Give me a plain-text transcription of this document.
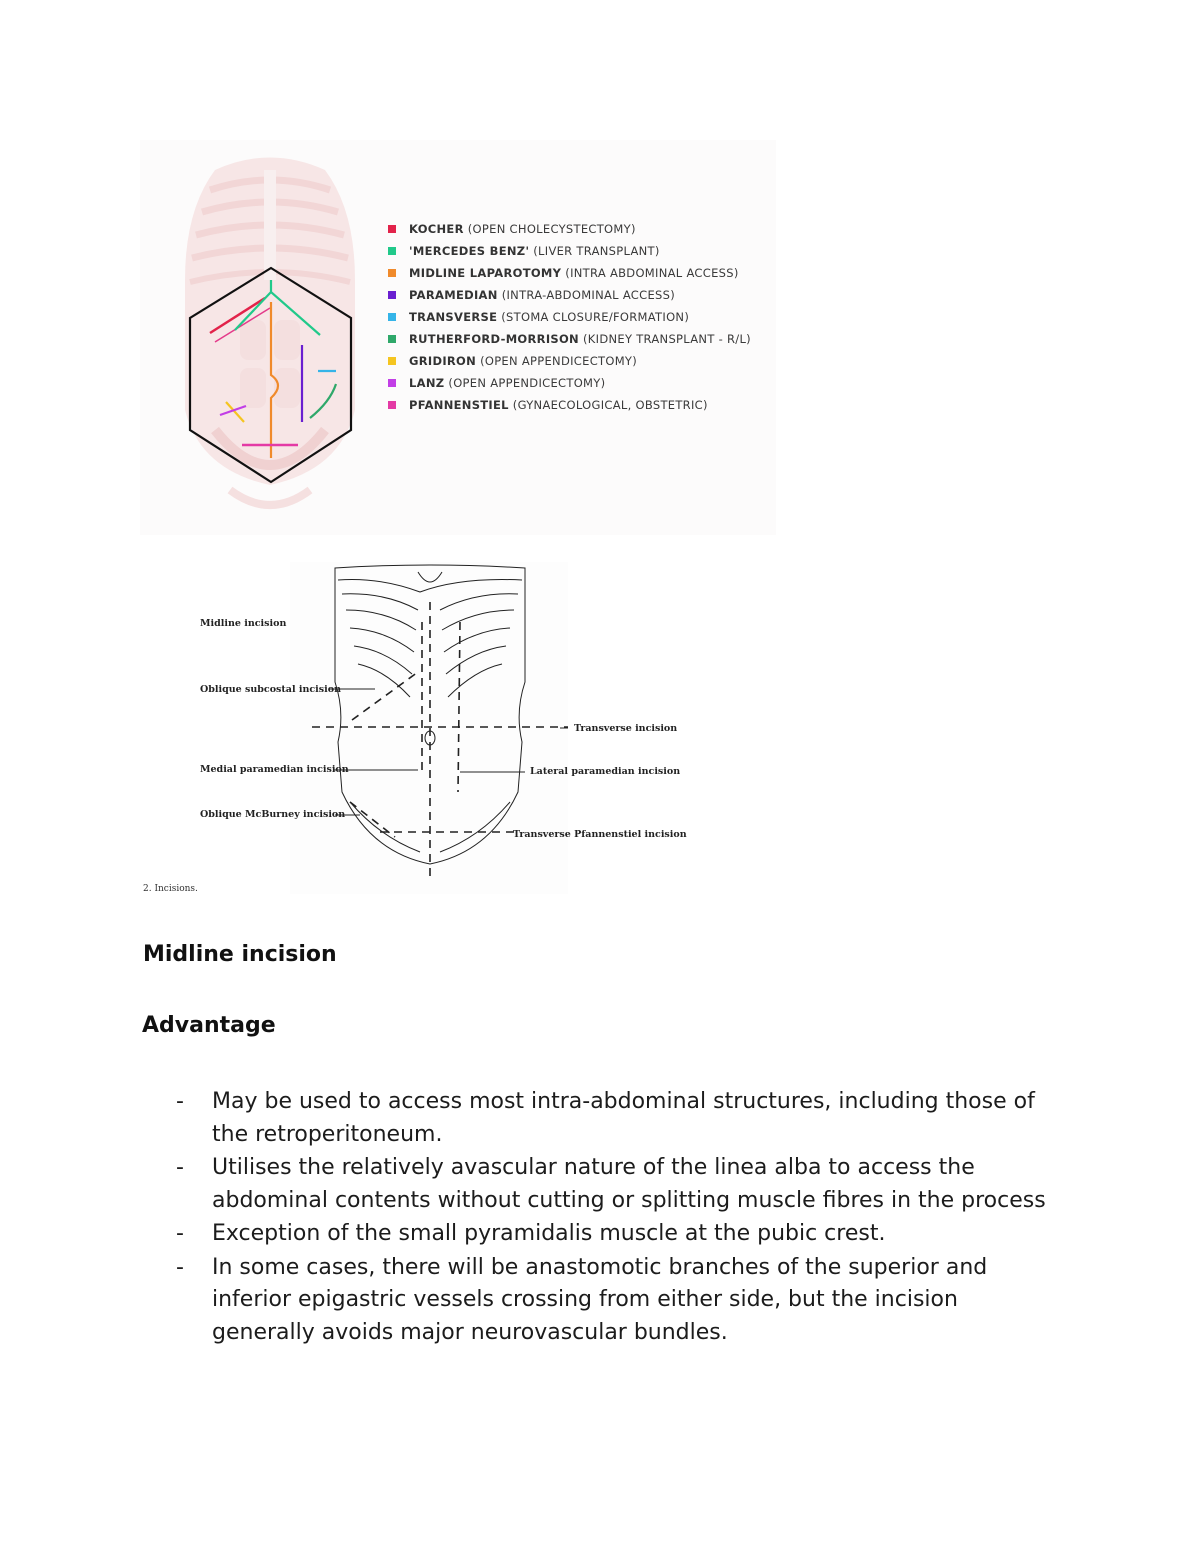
KOCHER (OPEN CHOLECYSTECTOMY)
'MERCEDES BENZ' (LIVER TRANSPLANT)
MIDLINE LAPAROTOMY (INTRA ABDOMINAL ACCESS)
PARAMEDIAN (INTRA-ABDOMINAL ACCESS)
TRANSVERSE (STOMA CLOSURE/FORMATION)
RUTHERFORD-MORRISON (KIDNEY TRANSPLANT - R/L)
GRIDIRON (OPEN APPENDICECTOMY)
LANZ (OPEN APPENDICECTOMY)
PFANNENSTIEL (GYNAECOLOGICAL, OBSTETRIC)
Midline incision
Oblique subcostal incision
Transverse incision
Medial paramedian incision	Lateral paramedian incision
Oblique McBurney incision
Transverse Pfannenstiel incision
2. Incisions.
Midline incision
Advantage
- May be used to access most intra-abdominal structures, including those of the retroperitoneum.
- Utilises the relatively avascular nature of the linea alba to access the abdominal contents without cutting or splitting muscle fibres in the process
- Exception of the small pyramidalis muscle at the pubic crest.
- In some cases, there will be anastomotic branches of the superior and inferior epigastric vessels crossing from either side, but the incision generally avoids major neurovascular bundles.
